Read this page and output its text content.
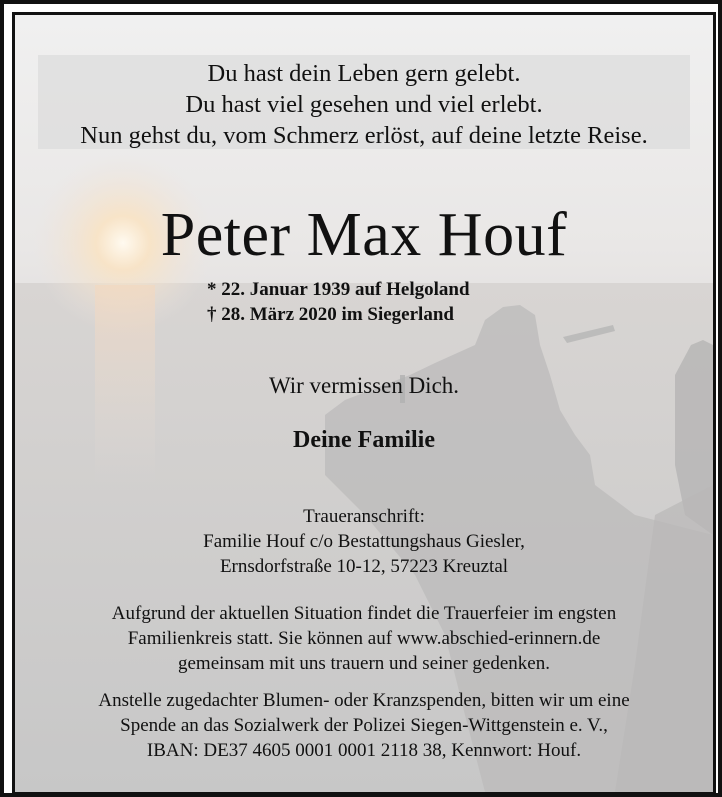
Du hast dein Leben gern gelebt.
Du hast viel gesehen und viel erlebt.
Nun gehst du, vom Schmerz erlöst, auf deine letzte Reise.
Peter Max Houf
* 22. Januar 1939 auf Helgoland
† 28. März 2020 im Siegerland
Wir vermissen Dich.
Deine Familie
Traueranschrift:
Familie Houf c/o Bestattungshaus Giesler,
Ernsdorfstraße 10-12, 57223 Kreuztal
Aufgrund der aktuellen Situation findet die Trauerfeier im engsten
Familienkreis statt. Sie können auf www.abschied-erinnern.de
gemeinsam mit uns trauern und seiner gedenken.
Anstelle zugedachter Blumen- oder Kranzspenden, bitten wir um eine
Spende an das Sozialwerk der Polizei Siegen-Wittgenstein e. V.,
IBAN: DE37 4605 0001 0001 2118 38, Kennwort: Houf.
